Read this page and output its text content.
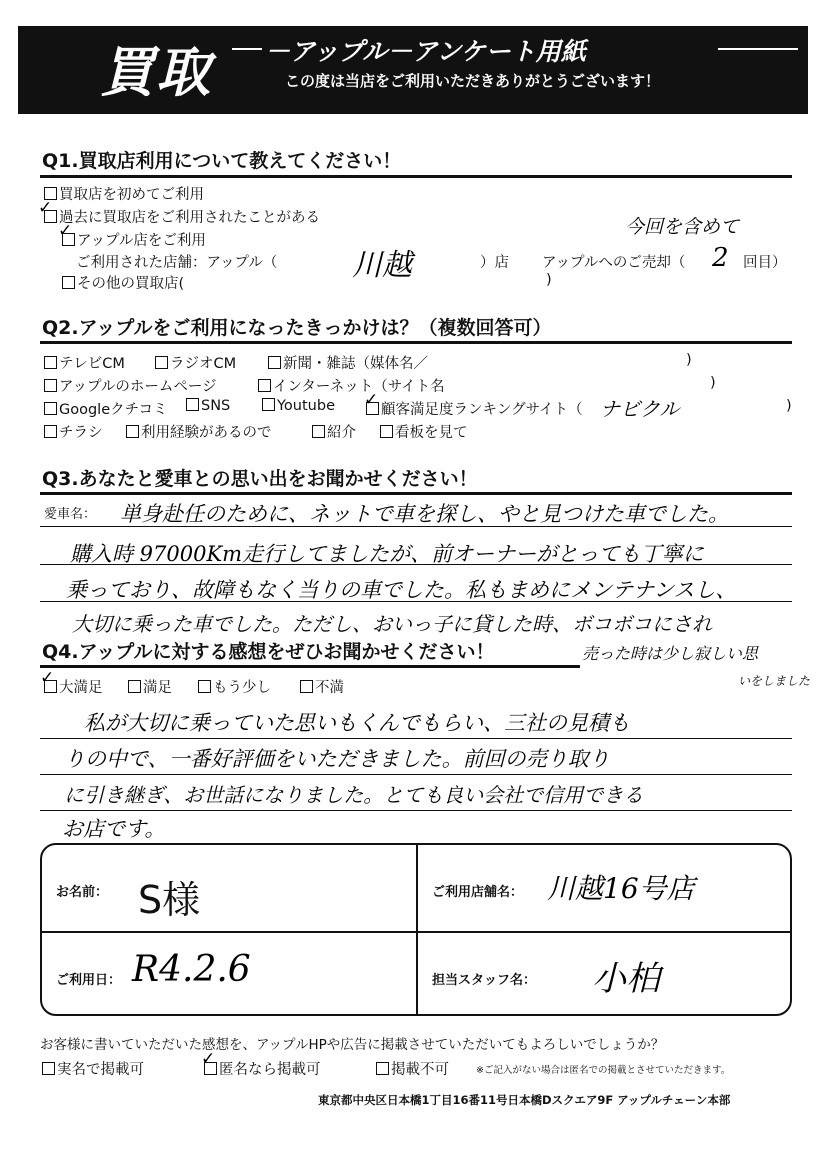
買取 －アップル－アンケート用紙
この度は当店をご利用いただきありがとうございます！
Q1.買取店利用について教えてください！
買取店を初めてご利用
過去に買取店をご利用されたことがある
✓
アップル店をご利用
✓
ご利用された店舗：アップル（ 川越	）店
今回を含めて
アップルへのご売却（ 2 回目）
その他の買取店(	)
Q2.アップルをご利用になったきっかけは？（複数回答可）
テレビCM	ラジオCM	新聞・雑誌（媒体名／	)
アップルのホームページ	インターネット（サイト名	)
Googleクチコミ	SNS	Youtube	顧客満足度ランキングサイト（
✓	ナビクル	)
チラシ	利用経験があるので	紹介	看板を見て
Q3.あなたと愛車との思い出をお聞かせください！
愛車名： 単身赴任のために、ネットで車を探し、やと見つけた車でした。
購入時 97000Km走行してましたが、前オーナーがとっても丁寧に
乗っており、故障もなく当りの車でした。私もまめにメンテナンスし、
大切に乗った車でした。ただし、おいっ子に貸した時、ボコボコにされ
売った時は少し寂しい思
いをしました
Q4.アップルに対する感想をぜひお聞かせください！
大満足
✓	満足	もう少し	不満
私が大切に乗っていた思いもくんでもらい、三社の見積も
りの中で、一番好評価をいただきました。前回の売り取り
に引き継ぎ、お世話になりました。とても良い会社で信用できる
お店です。
お名前： S様	ご利用店舗名： 川越16号店
ご利用日： R4.2.6	担当スタッフ名： 小柏
お客様に書いていただいた感想を、アップルHPや広告に掲載させていただいてもよろしいでしょうか？
実名で掲載可	匿名なら掲載可
✓
掲載不可	※ご記入がない場合は匿名での掲載とさせていただきます。
東京都中央区日本橋1丁目16番11号日本橋Dスクエア9F アップルチェーン本部
